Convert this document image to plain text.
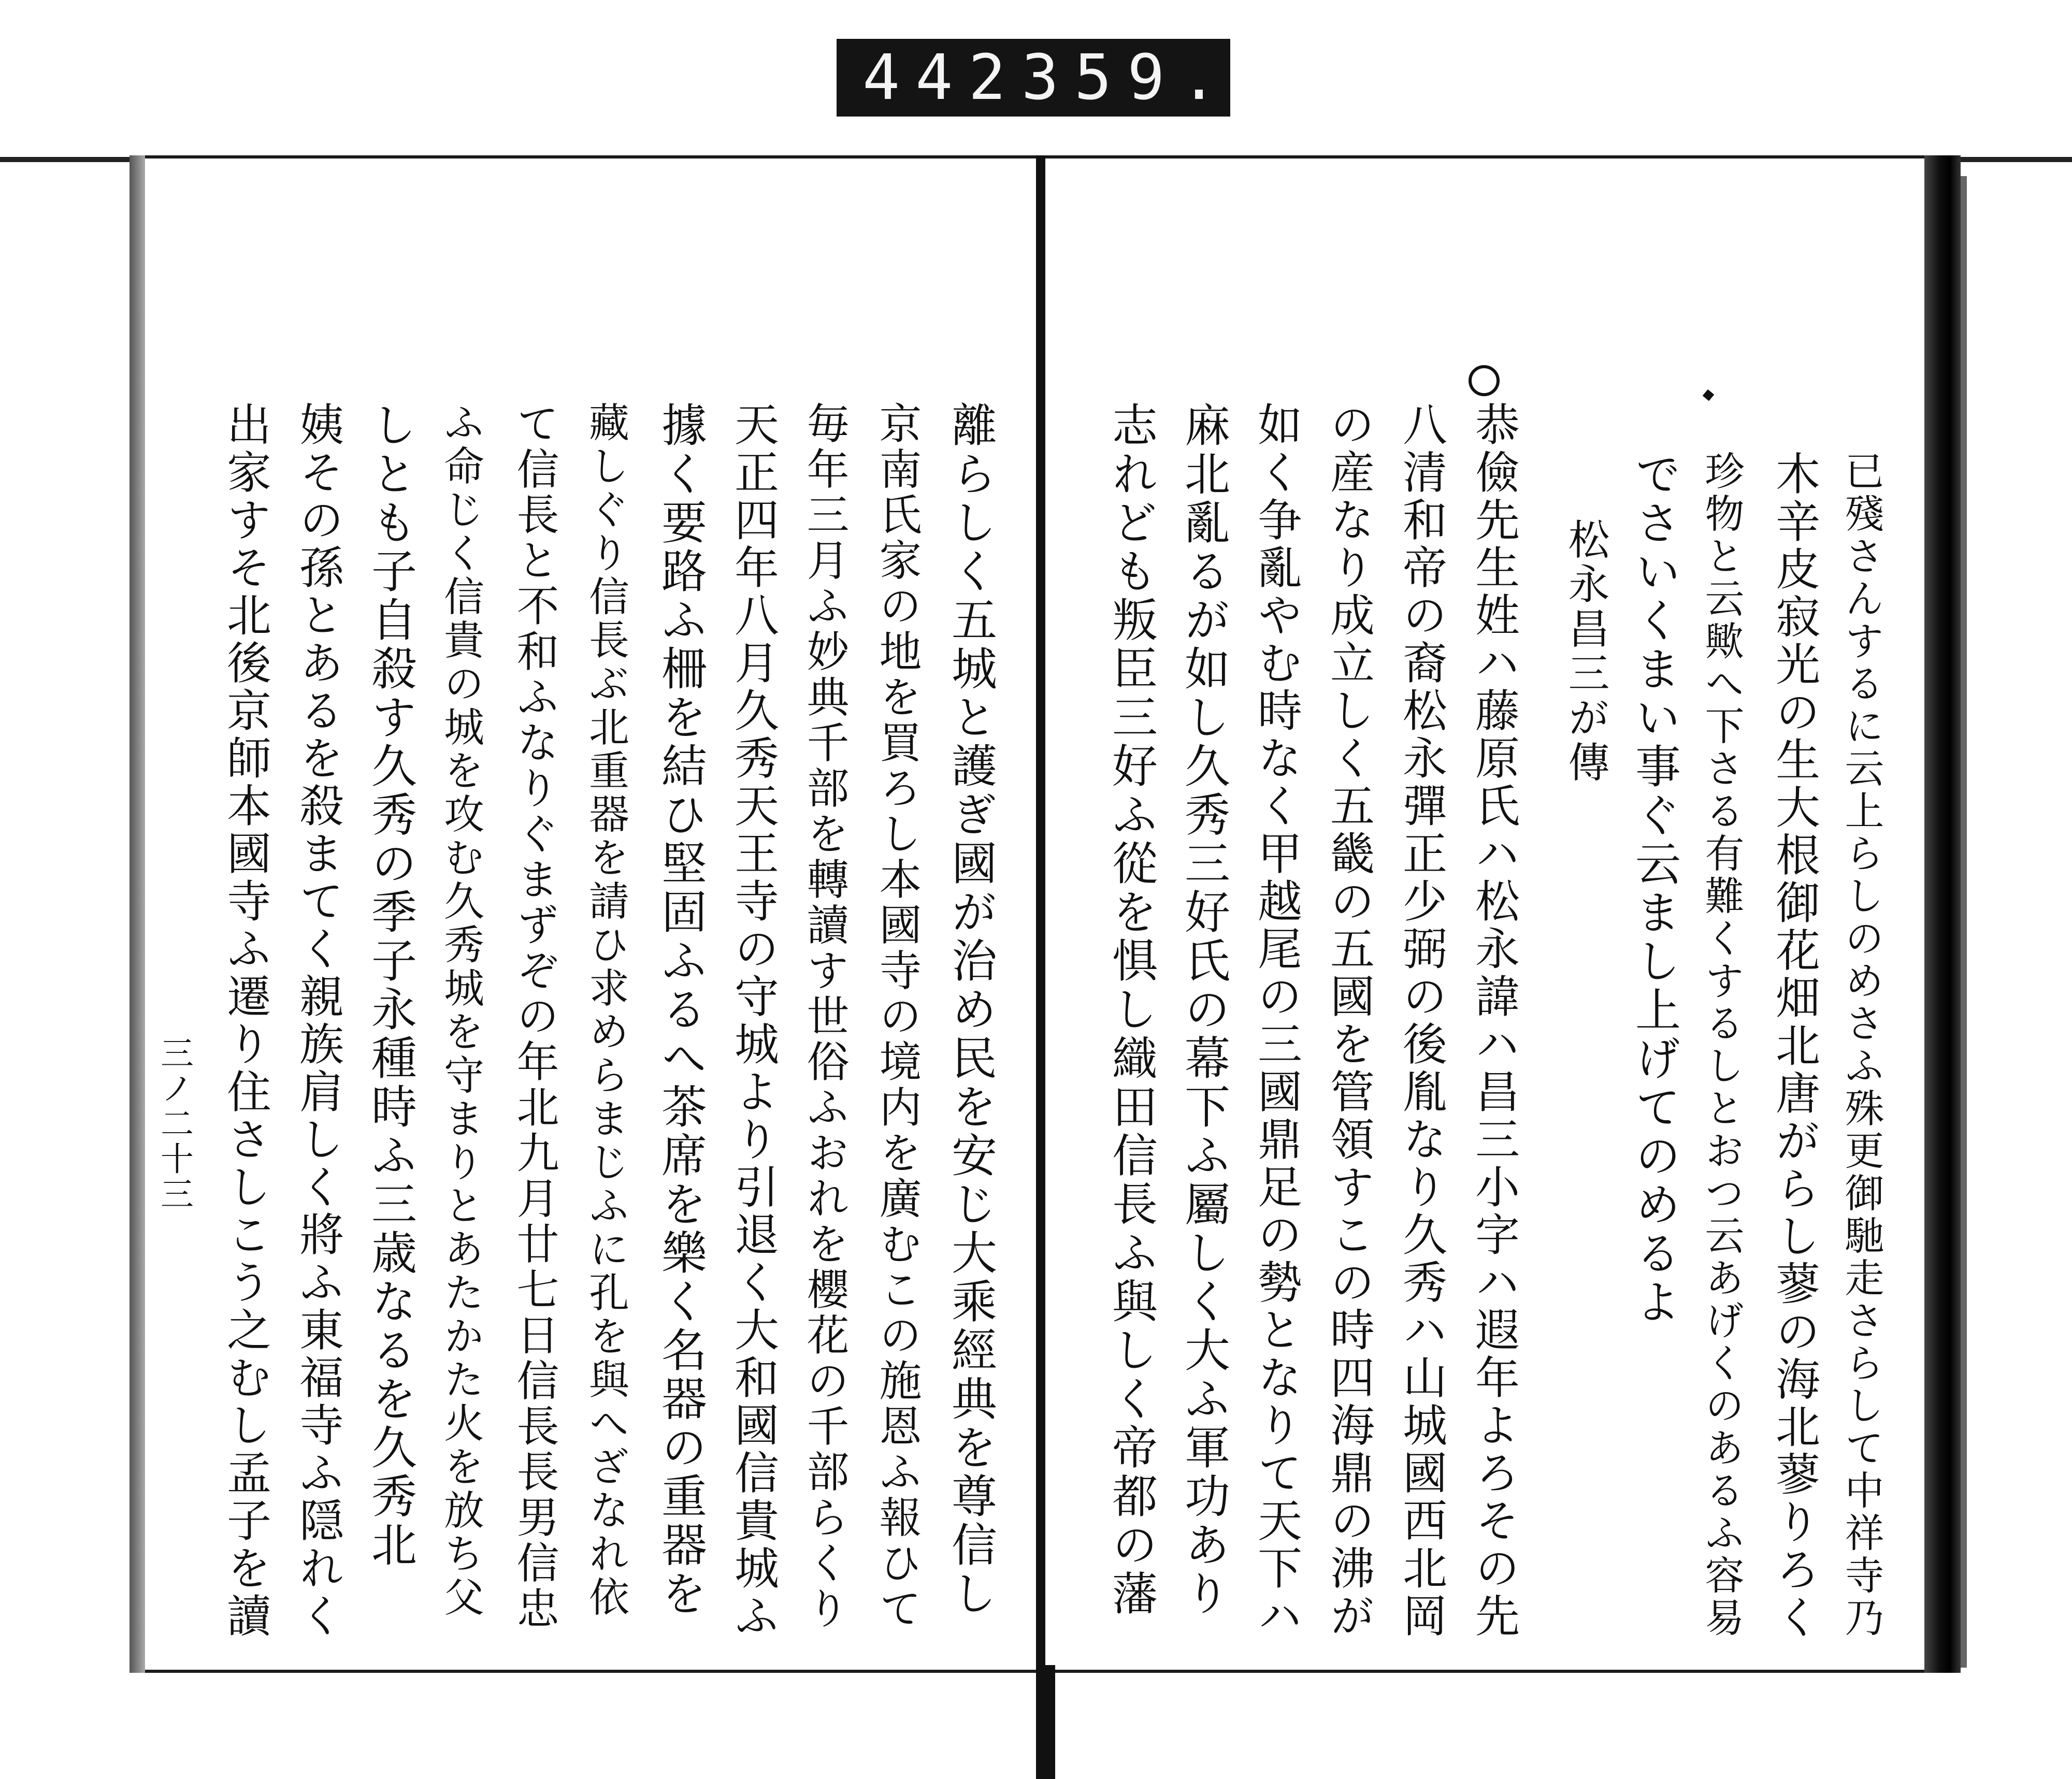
442 359.
已殘さんするに云上らしのめさふ殊更御馳走さらして中祥寺乃
木辛皮寂光の生大根御花畑北唐がらし蓼の海北蓼りろく
珍物と云歟へ下さる有難くするしとおつ云あげくのあるふ容易
でさいくまい事ぐ云まし上げてのめるよ
松永昌三が傳
恭儉先生姓ハ藤原氏ハ松永諱ハ昌三小字ハ遐年よろその先
八清和帝の裔松永彈正少弼の後胤なり久秀ハ山城國西北岡
の産なり成立しく五畿の五國を管領すこの時四海鼎の沸が
如く争亂やむ時なく甲越尾の三國鼎足の勢となりて天下ハ
麻北亂るが如し久秀三好氏の幕下ふ屬しく大ふ軍功あり
志れども叛臣三好ふ從を惧し織田信長ふ與しく帝都の藩
離らしく五城と護ぎ國が治め民を安じ大乘經典を尊信し
京南氏家の地を買ろし本國寺の境内を廣むこの施恩ふ報ひて
毎年三月ふ妙典千部を轉讀す世俗ふおれを櫻花の千部らくり
天正四年八月久秀天王寺の守城より引退く大和國信貴城ふ
據く要路ふ柵を結ひ堅固ふるへ茶席を樂く名器の重器を
藏しぐり信長ぶ北重器を請ひ求めらまじふに孔を與へざなれ依
て信長と不和ふなりぐまずぞの年北九月廿七日信長長男信忠
ふ命じく信貴の城を攻む久秀城を守まりとあたかた火を放ち父
しとも子自殺す久秀の季子永種時ふ三歳なるを久秀北
姨その孫とあるを殺まてく親族肩しく將ふ東福寺ふ隠れく
出家すそ北後京師本國寺ふ遷り住さしこう之むし孟子を讀
三ノ二十三
